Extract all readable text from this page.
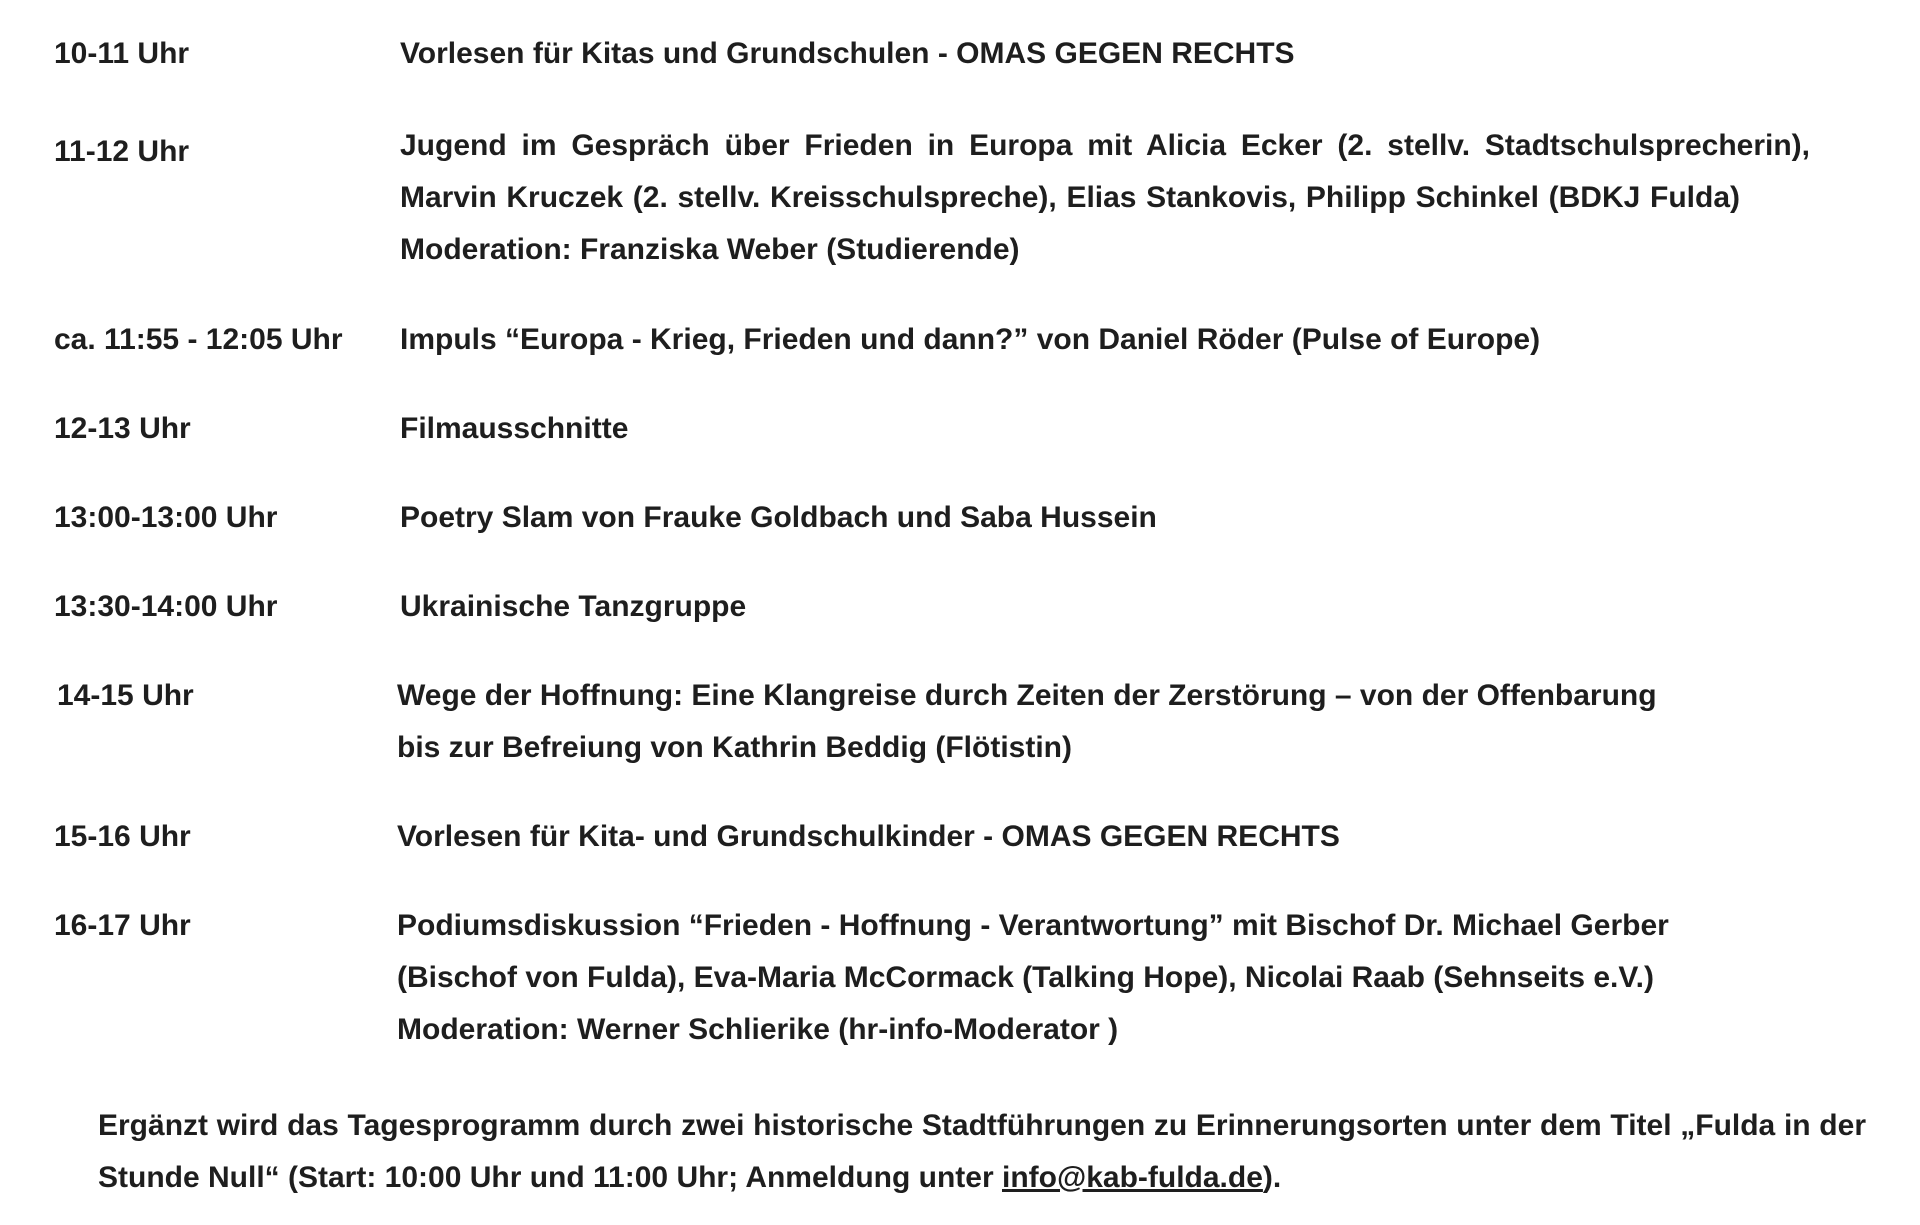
10-11 Uhr	Vorlesen für Kitas und Grundschulen - OMAS GEGEN RECHTS
11-12 Uhr	Jugend im Gespräch über Frieden in Europa mit Alicia Ecker (2. stellv. Stadtschulsprecherin), Marvin Kruczek (2. stellv. Kreisschulspreche), Elias Stankovis, Philipp Schinkel (BDKJ Fulda)Moderation: Franziska Weber (Studierende)
ca. 11:55 - 12:05 Uhr Impuls “Europa - Krieg, Frieden und dann?” von Daniel Röder (Pulse of Europe)
12-13 Uhr	Filmausschnitte
13:00-13:00 Uhr	Poetry Slam von Frauke Goldbach und Saba Hussein
13:30-14:00 Uhr	Ukrainische Tanzgruppe
14-15 Uhr	Wege der Hoffnung: Eine Klangreise durch Zeiten der Zerstörung – von der Offenbarung
bis zur Befreiung von Kathrin Beddig (Flötistin)
15-16 Uhr	Vorlesen für Kita- und Grundschulkinder - OMAS GEGEN RECHTS
16-17 Uhr	Podiumsdiskussion “Frieden - Hoffnung - Verantwortung” mit Bischof Dr. Michael Gerber
(Bischof von Fulda), Eva-Maria McCormack (Talking Hope), Nicolai Raab (Sehnseits e.V.)
Moderation: Werner Schlierike (hr-info-Moderator )
Ergänzt wird das Tagesprogramm durch zwei historische Stadtführungen zu Erinnerungsorten unter dem Titel „Fulda in der Stunde Null“ (Start: 10:00 Uhr und 11:00 Uhr; Anmeldung unter info@kab-fulda.de).
